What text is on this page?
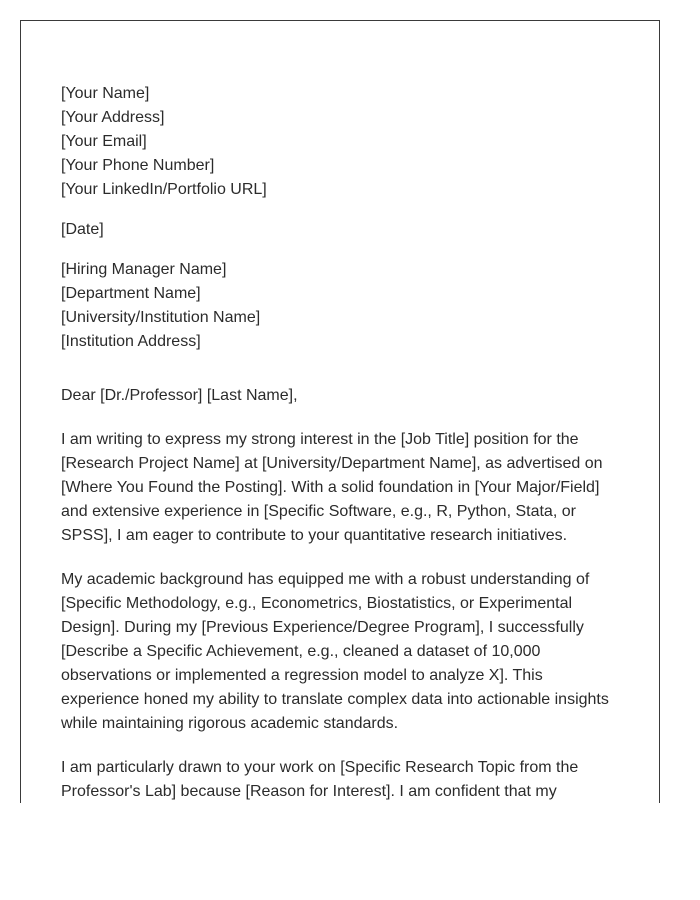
[Your Name]
[Your Address]
[Your Email]
[Your Phone Number]
[Your LinkedIn/Portfolio URL]
[Date]
[Hiring Manager Name]
[Department Name]
[University/Institution Name]
[Institution Address]
Dear [Dr./Professor] [Last Name],
I am writing to express my strong interest in the [Job Title] position for the
[Research Project Name] at [University/Department Name], as advertised on
[Where You Found the Posting]. With a solid foundation in [Your Major/Field]
and extensive experience in [Specific Software, e.g., R, Python, Stata, or
SPSS], I am eager to contribute to your quantitative research initiatives.
My academic background has equipped me with a robust understanding of
[Specific Methodology, e.g., Econometrics, Biostatistics, or Experimental
Design]. During my [Previous Experience/Degree Program], I successfully
[Describe a Specific Achievement, e.g., cleaned a dataset of 10,000
observations or implemented a regression model to analyze X]. This
experience honed my ability to translate complex data into actionable insights
while maintaining rigorous academic standards.
I am particularly drawn to your work on [Specific Research Topic from the
Professor's Lab] because [Reason for Interest]. I am confident that my
